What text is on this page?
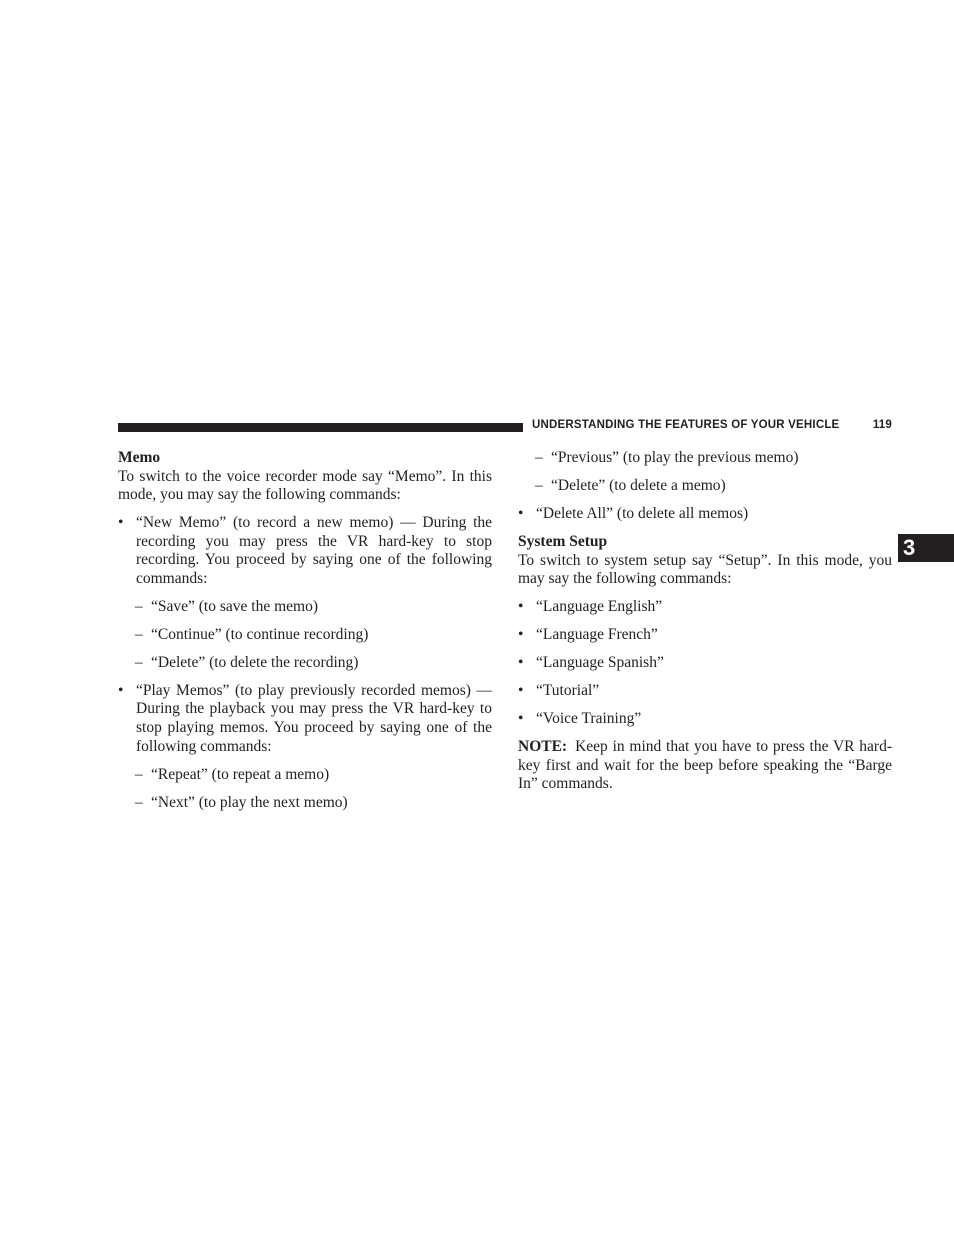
UNDERSTANDING THE FEATURES OF YOUR VEHICLE	119
3

Memo

To switch to the voice recorder mode say “Memo”. In this mode, you may say the following commands:

• “New Memo” (to record a new memo) — During the recording you may press the VR hard-key to stop recording. You proceed by saying one of the following commands:
– “Save” (to save the memo)
– “Continue” (to continue recording)
– “Delete” (to delete the recording)
• “Play Memos” (to play previously recorded memos) — During the playback you may press the VR hard-key to stop playing memos. You proceed by saying one of the following commands:
– “Repeat” (to repeat a memo)
– “Next” (to play the next memo)
– “Previous” (to play the previous memo)
– “Delete” (to delete a memo)
• “Delete All” (to delete all memos)

System Setup

To switch to system setup say “Setup”. In this mode, you may say the following commands:

• “Language English”
• “Language French”
• “Language Spanish”
• “Tutorial”
• “Voice Training”

NOTE: Keep in mind that you have to press the VR hard-key first and wait for the beep before speaking the “Barge In” commands.
